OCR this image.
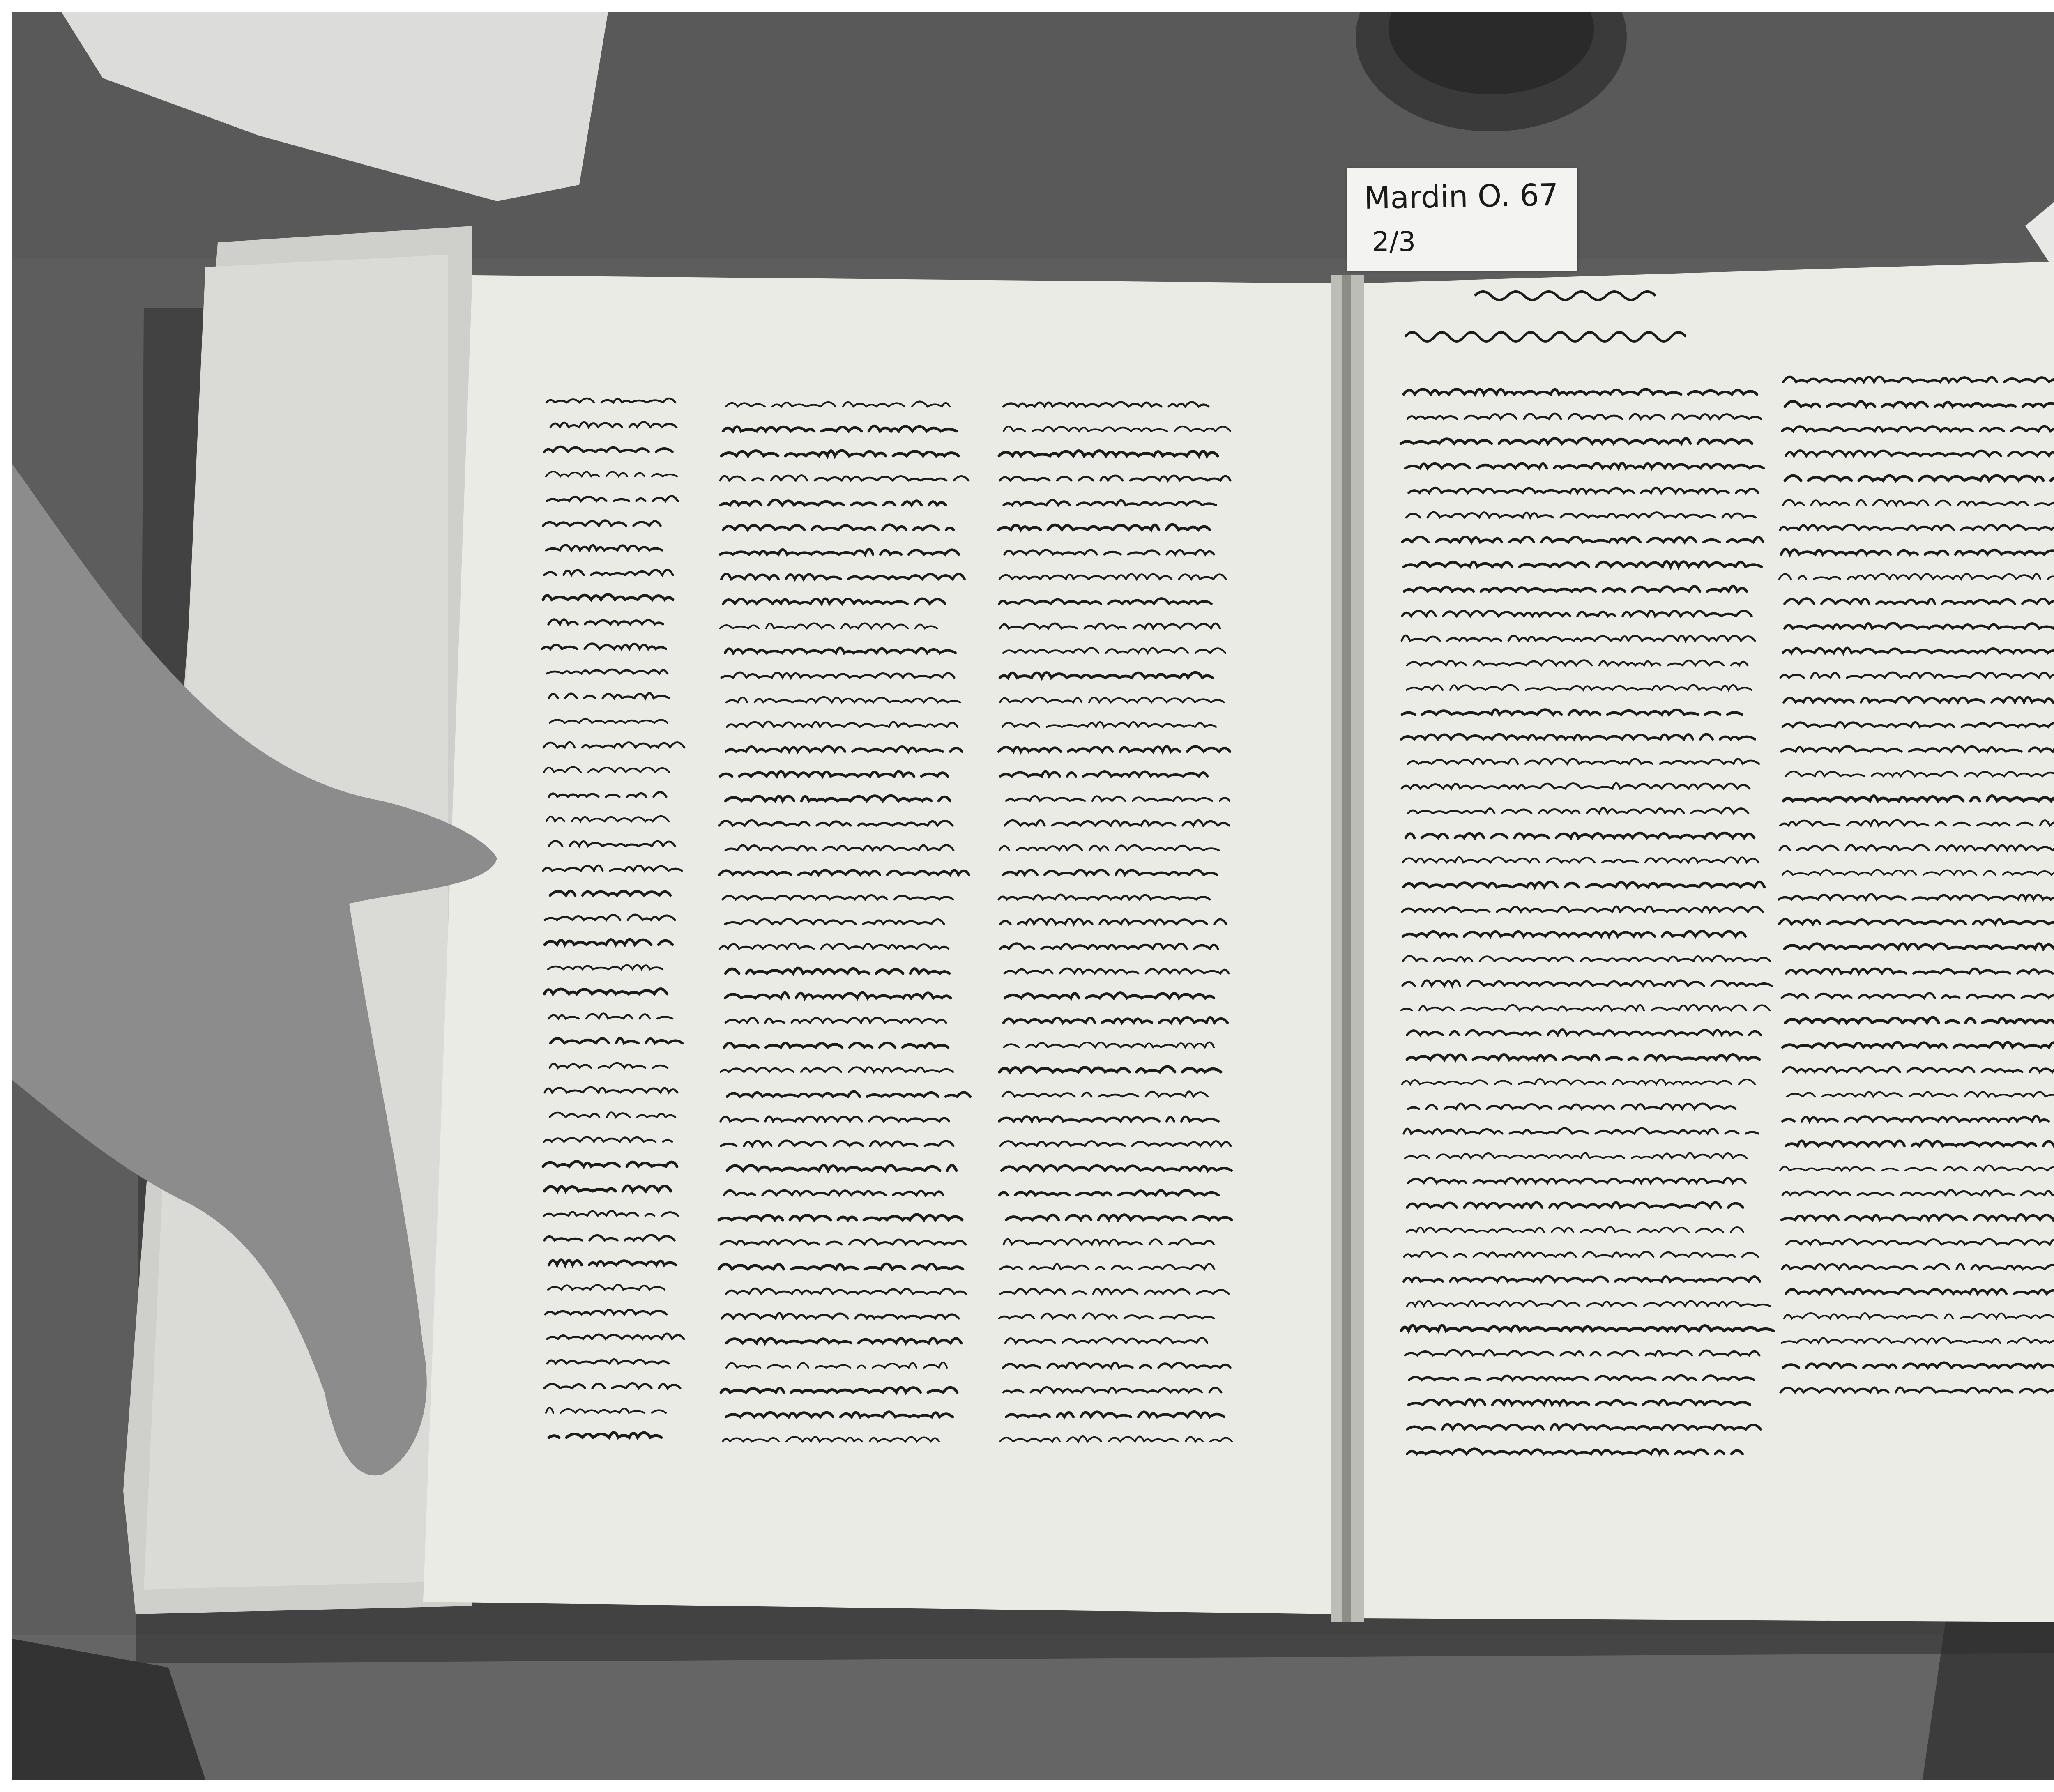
Mardin O. 67
2/3
